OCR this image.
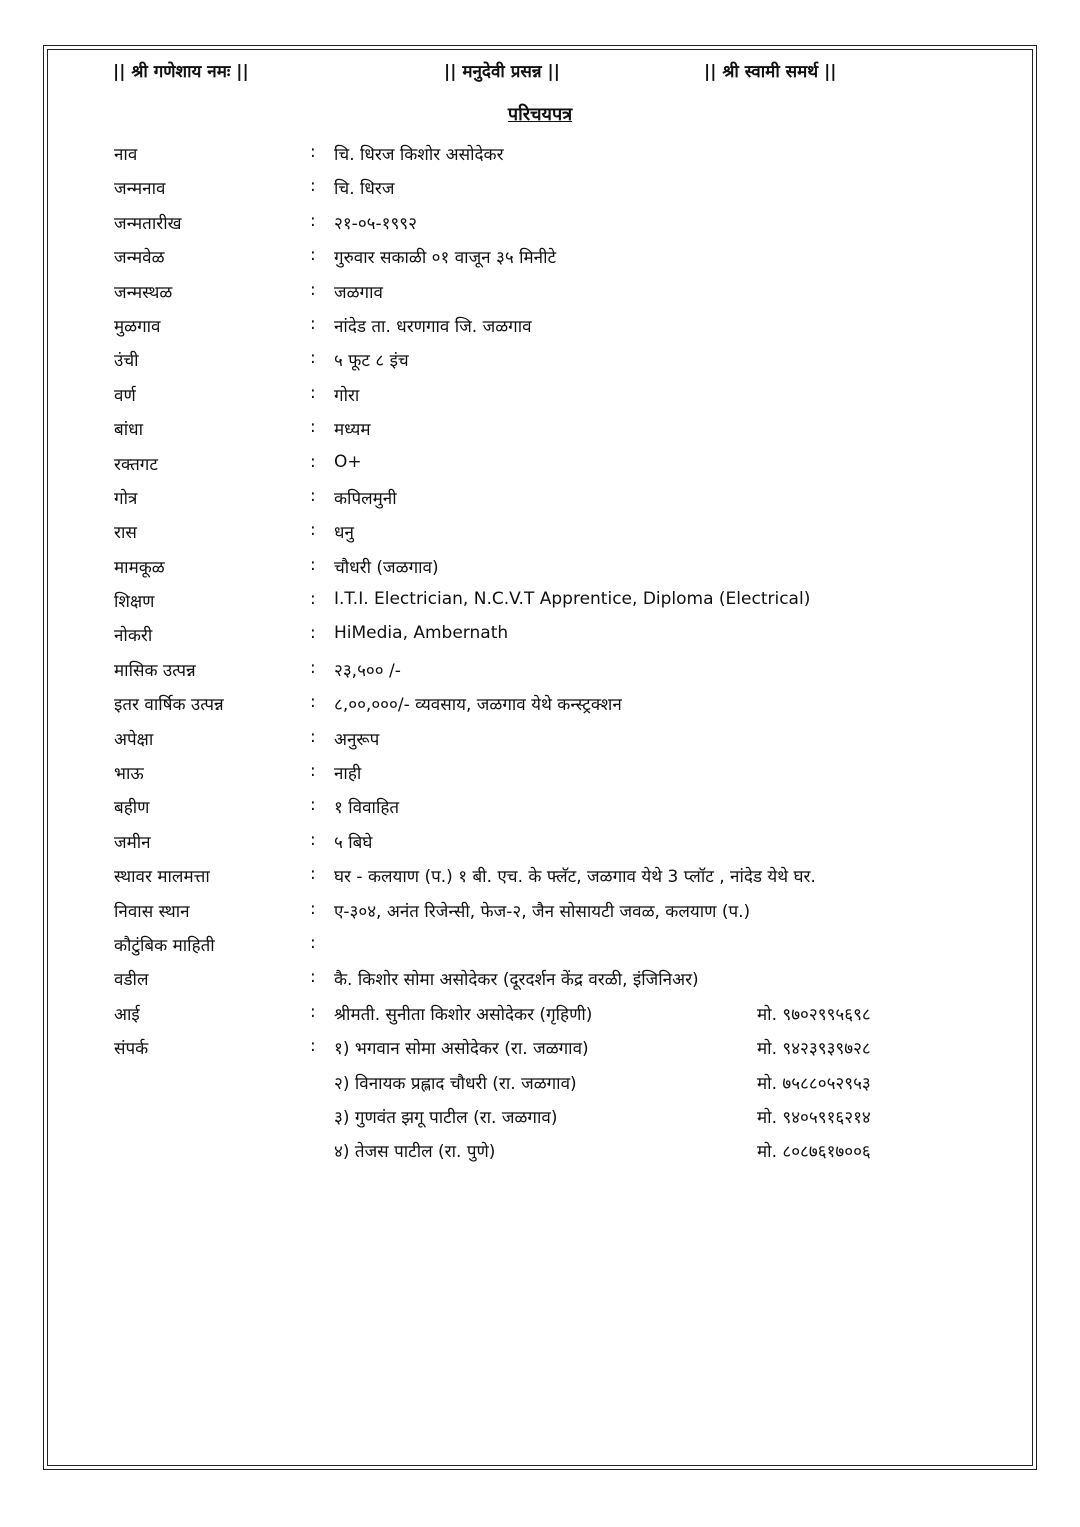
|| श्री गणेशाय नमः ||	|| मनुदेवी प्रसन्न ||	|| श्री स्वामी समर्थ ||
परिचयपत्र
नाव	: चि. धिरज किशोर असोदेकर
जन्मनाव	: चि. धिरज
जन्मतारीख	: २१-०५-१९९२
जन्मवेळ	: गुरुवार सकाळी ०१ वाजून ३५ मिनीटे
जन्मस्थळ	: जळगाव
मुळगाव	: नांदेड ता. धरणगाव जि. जळगाव
उंची	: ५ फूट ८ इंच
वर्ण	: गोरा
बांधा	: मध्यम
रक्तगट	: O+
गोत्र	: कपिलमुनी
रास	: धनु
मामकूळ	: चौधरी (जळगाव)
शिक्षण	: I.T.I. Electrician, N.C.V.T Apprentice, Diploma (Electrical)
नोकरी	: HiMedia, Ambernath
मासिक उत्पन्न	: २३,५०० /-
इतर वार्षिक उत्पन्न	: ८,००,०००/- व्यवसाय, जळगाव येथे कन्स्ट्रक्शन
अपेक्षा	: अनुरूप
भाऊ	: नाही
बहीण	: १ विवाहित
जमीन	: ५ बिघे
स्थावर मालमत्ता	: घर - कलयाण (प.) १ बी. एच. के फ्लॅट, जळगाव येथे 3 प्लॉट , नांदेड येथे घर.
निवास स्थान	: ए-३०४, अनंत रिजेन्सी, फेज-२, जैन सोसायटी जवळ, कलयाण (प.)
कौटुंबिक माहिती	:
वडील	: कै. किशोर सोमा असोदेकर (दूरदर्शन केंद्र वरळी, इंजिनिअर)
आई	: श्रीमती. सुनीता किशोर असोदेकर (गृहिणी)	मो. ९७०२९९५६९८
संपर्क	: १) भगवान सोमा असोदेकर (रा. जळगाव)	मो. ९४२३९३९७२८
२) विनायक प्रह्लाद चौधरी (रा. जळगाव)	मो. ७५८८०५२९५३
३) गुणवंत झगू पाटील (रा. जळगाव)	मो. ९४०५९१६२१४
४) तेजस पाटील (रा. पुणे)	मो. ८०८७६१७००६
